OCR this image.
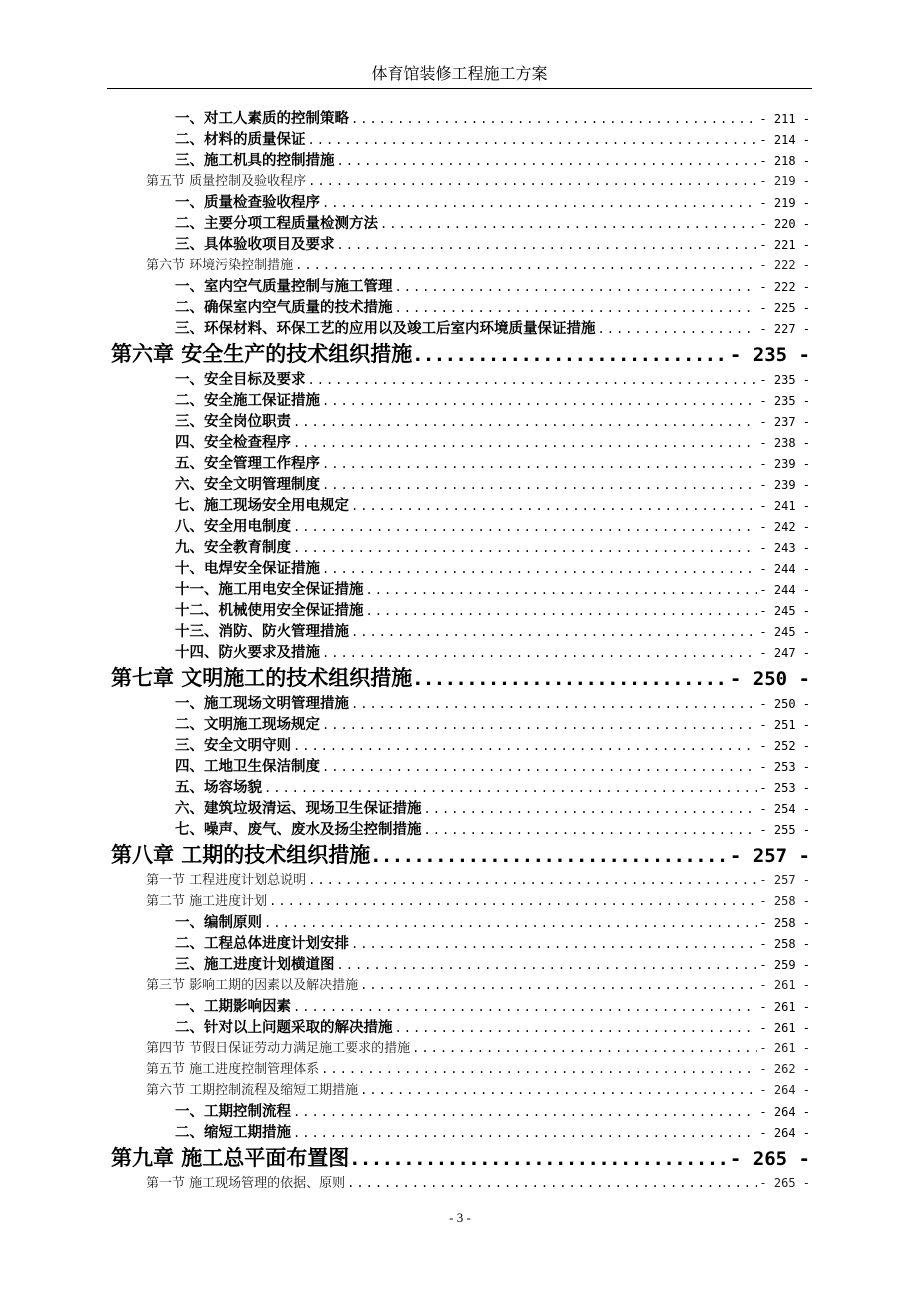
体育馆装修工程施工方案
一、对工人素质的控制策略 .....	- 211 -
二、材料的质量保证 .....	- 214 -
三、施工机具的控制措施 .....	- 218 -
第五节 质量控制及验收程序 .....	- 219 -
一、质量检查验收程序 .....	- 219 -
二、主要分项工程质量检测方法 .....	- 220 -
三、具体验收项目及要求 .....	- 221 -
第六节 环境污染控制措施 .....	- 222 -
一、室内空气质量控制与施工管理 .....	- 222 -
二、确保室内空气质量的技术措施 .....	- 225 -
三、环保材料、环保工艺的应用以及竣工后室内环境质量保证措施 .....	- 227 -
第六章 安全生产的技术组织措施 .....	- 235 -
一、安全目标及要求 .....	- 235 -
二、安全施工保证措施 .....	- 235 -
三、安全岗位职责 .....	- 237 -
四、安全检查程序 .....	- 238 -
五、安全管理工作程序 .....	- 239 -
六、安全文明管理制度 .....	- 239 -
七、施工现场安全用电规定 .....	- 241 -
八、安全用电制度 .....	- 242 -
九、安全教育制度 .....	- 243 -
十、电焊安全保证措施 .....	- 244 -
十一、施工用电安全保证措施 .....	- 244 -
十二、机械使用安全保证措施 .....	- 245 -
十三、消防、防火管理措施 .....	- 245 -
十四、防火要求及措施 .....	- 247 -
第七章 文明施工的技术组织措施 .....	- 250 -
一、施工现场文明管理措施 .....	- 250 -
二、文明施工现场规定 .....	- 251 -
三、安全文明守则 .....	- 252 -
四、工地卫生保洁制度 .....	- 253 -
五、场容场貌 .....	- 253 -
六、建筑垃圾清运、现场卫生保证措施 .....	- 254 -
七、噪声、废气、废水及扬尘控制措施 .....	- 255 -
第八章 工期的技术组织措施 .....	- 257 -
第一节 工程进度计划总说明 .....	- 257 -
第二节 施工进度计划 .....	- 258 -
一、编制原则 .....	- 258 -
二、工程总体进度计划安排 .....	- 258 -
三、施工进度计划横道图 .....	- 259 -
第三节 影响工期的因素以及解决措施 .....	- 261 -
一、工期影响因素 .....	- 261 -
二、针对以上问题采取的解决措施 .....	- 261 -
第四节 节假日保证劳动力满足施工要求的措施 .....	- 261 -
第五节 施工进度控制管理体系 .....	- 262 -
第六节 工期控制流程及缩短工期措施 .....	- 264 -
一、工期控制流程 .....	- 264 -
二、缩短工期措施 .....	- 264 -
第九章 施工总平面布置图 .....	- 265 -
第一节 施工现场管理的依据、原则 .....	- 265 -
- 3 -
